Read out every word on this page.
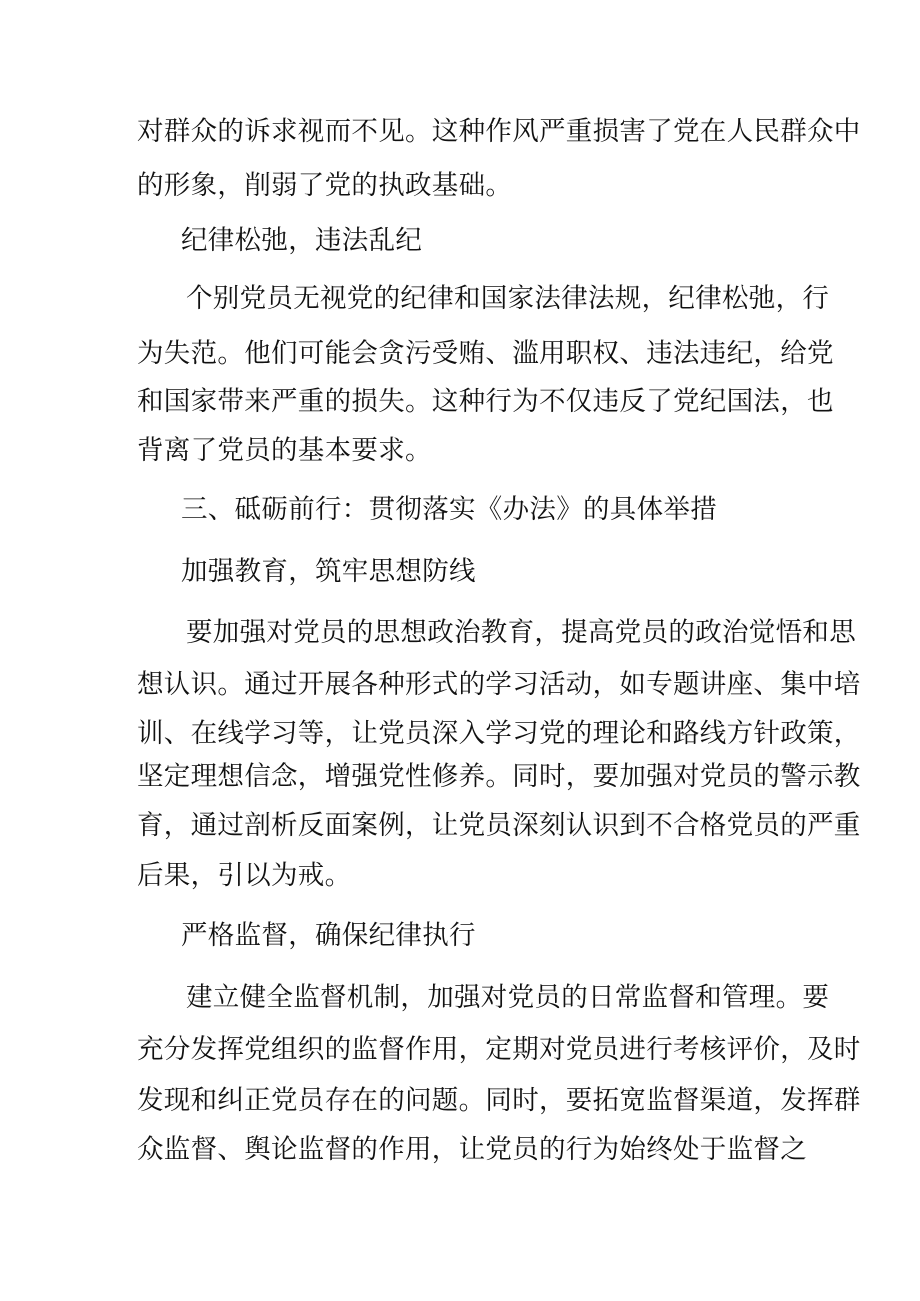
对群众的诉求视而不见。这种作风严重损害了党在人民群众中
的形象，削弱了党的执政基础。
纪律松弛，违法乱纪
个别党员无视党的纪律和国家法律法规，纪律松弛，行
为失范。他们可能会贪污受贿、滥用职权、违法违纪，给党
和国家带来严重的损失。这种行为不仅违反了党纪国法，也
背离了党员的基本要求。
三、砥砺前行：贯彻落实《办法》的具体举措
加强教育，筑牢思想防线
要加强对党员的思想政治教育，提高党员的政治觉悟和思
想认识。通过开展各种形式的学习活动，如专题讲座、集中培
训、在线学习等，让党员深入学习党的理论和路线方针政策，
坚定理想信念，增强党性修养。同时，要加强对党员的警示教
育，通过剖析反面案例，让党员深刻认识到不合格党员的严重
后果，引以为戒。
严格监督，确保纪律执行
建立健全监督机制，加强对党员的日常监督和管理。要
充分发挥党组织的监督作用，定期对党员进行考核评价，及时
发现和纠正党员存在的问题。同时，要拓宽监督渠道，发挥群
众监督、舆论监督的作用，让党员的行为始终处于监督之
